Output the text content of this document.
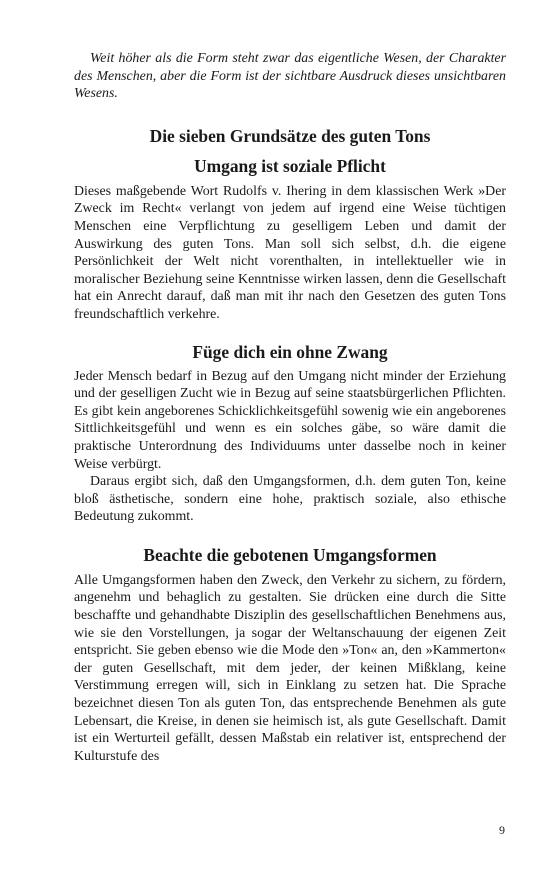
Weit höher als die Form steht zwar das eigentliche Wesen, der Charakter des Menschen, aber die Form ist der sichtbare Ausdruck dieses unsichtbaren Wesens.

Die sieben Grundsätze des guten Tons
Umgang ist soziale Pflicht

Dieses maßgebende Wort Rudolfs v. Ihering in dem klassischen Werk »Der Zweck im Recht« verlangt von jedem auf irgend eine Weise tüchtigen Menschen eine Verpflichtung zu geselligem Leben und damit der Auswirkung des guten Tons. Man soll sich selbst, d.h. die eigene Persönlichkeit der Welt nicht vorenthalten, in intellektueller wie in moralischer Beziehung seine Kenntnisse wirken lassen, denn die Gesellschaft hat ein Anrecht darauf, daß man mit ihr nach den Gesetzen des guten Tons freundschaftlich verkehre.

Füge dich ein ohne Zwang

Jeder Mensch bedarf in Bezug auf den Umgang nicht minder der Erziehung und der geselligen Zucht wie in Bezug auf seine staatsbürgerlichen Pflichten. Es gibt kein angeborenes Schicklichkeitsgefühl sowenig wie ein angeborenes Sittlichkeitsgefühl und wenn es ein solches gäbe, so wäre damit die praktische Unterordnung des Individuums unter dasselbe noch in keiner Weise verbürgt.

Daraus ergibt sich, daß den Umgangsformen, d.h. dem guten Ton, keine bloß ästhetische, sondern eine hohe, praktisch soziale, also ethische Bedeutung zukommt.

Beachte die gebotenen Umgangsformen

Alle Umgangsformen haben den Zweck, den Verkehr zu sichern, zu fördern, angenehm und behaglich zu gestalten. Sie drücken eine durch die Sitte beschaffte und gehandhabte Disziplin des gesellschaftlichen Benehmens aus, wie sie den Vorstellungen, ja sogar der Weltanschauung der eigenen Zeit entspricht. Sie geben ebenso wie die Mode den »Ton« an, den »Kammerton« der guten Gesellschaft, mit dem jeder, der keinen Mißklang, keine Verstimmung erregen will, sich in Einklang zu setzen hat. Die Sprache bezeichnet diesen Ton als guten Ton, das entsprechende Benehmen als gute Lebensart, die Kreise, in denen sie heimisch ist, als gute Gesellschaft. Damit ist ein Werturteil gefällt, dessen Maßstab ein relativer ist, entsprechend der Kulturstufe des

9
